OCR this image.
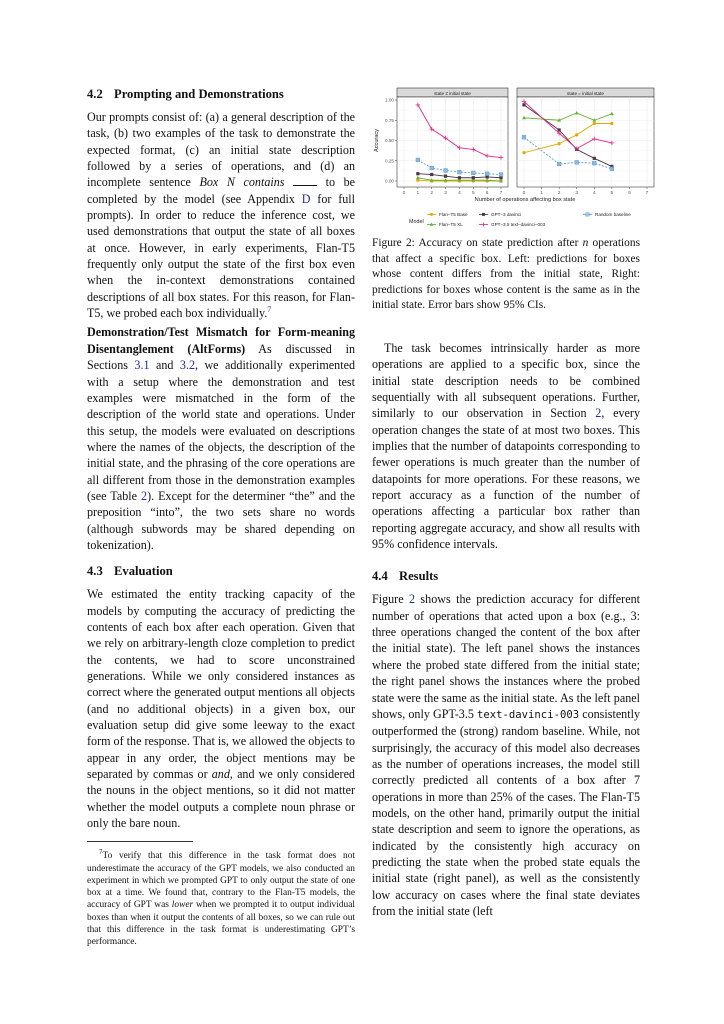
state ≠ initial state
0 1 2 3 4 5 6 7
state = initial state
0	1	2	3	4	5	6	7
0.00
0.25
0.50
0.75
1.00
Accuracy
Number of operations affecting box state
Model
Flan–T5 Base	GPT–3 davinci	Random baseline
Flan–T5 XL	GPT–3.5 text–davinci–003
4.2 Prompting and Demonstrations

Our prompts consist of: (a) a general description of the task, (b) two examples of the task to demonstrate the expected format, (c) an initial state description followed by a series of operations, and (d) an incomplete sentence Box N contains	to be completed by the model (see Appendix D for full prompts). In order to reduce the inference cost, we used demonstrations that output the state of all boxes at once. However, in early experiments, Flan-T5 frequently only output the state of the first box even when the in-context demonstrations contained descriptions of all box states. For this reason, for Flan-T5, we probed each box individually.$^7$

Demonstration/Test Mismatch for Form-meaning Disentanglement (AltForms) As discussed in Sections 3.1 and 3.2, we additionally experimented with a setup where the demonstration and test examples were mismatched in the form of the description of the world state and operations. Under this setup, the models were evaluated on descriptions where the names of the objects, the description of the initial state, and the phrasing of the core operations are all different from those in the demonstration examples (see Table 2). Except for the determiner “the” and the preposition “into”, the two sets share no words (although subwords may be shared depending on tokenization).

4.3 Evaluation

We estimated the entity tracking capacity of the models by computing the accuracy of predicting the contents of each box after each operation. Given that we rely on arbitrary-length cloze completion to predict the contents, we had to score unconstrained generations. While we only considered instances as correct where the generated output mentions all objects (and no additional objects) in a given box, our evaluation setup did give some leeway to the exact form of the response. That is, we allowed the objects to appear in any order, the object mentions may be separated by commas or and, and we only considered the nouns in the object mentions, so it did not matter whether the model outputs a complete noun phrase or only the bare noun.

$^7$To verify that this difference in the task format does not underestimate the accuracy of the GPT models, we also conducted an experiment in which we prompted GPT to only output the state of one box at a time. We found that, contrary to the Flan-T5 models, the accuracy of GPT was lower when we prompted it to output individual boxes than when it output the contents of all boxes, so we can rule out that this difference in the task format is underestimating GPT’s performance.

Figure 2: Accuracy on state prediction after n operations that affect a specific box. Left: predictions for boxes whose content differs from the initial state, Right: predictions for boxes whose content is the same as in the initial state. Error bars show 95% CIs.

The task becomes intrinsically harder as more operations are applied to a specific box, since the initial state description needs to be combined sequentially with all subsequent operations. Further, similarly to our observation in Section 2, every operation changes the state of at most two boxes. This implies that the number of datapoints corresponding to fewer operations is much greater than the number of datapoints for more operations. For these reasons, we report accuracy as a function of the number of operations affecting a particular box rather than reporting aggregate accuracy, and show all results with 95% confidence intervals.

4.4 Results

Figure 2 shows the prediction accuracy for different number of operations that acted upon a box (e.g., 3: three operations changed the content of the box after the initial state). The left panel shows the instances where the probed state differed from the initial state; the right panel shows the instances where the probed state were the same as the initial state. As the left panel shows, only GPT-3.5 text-davinci-003 consistently outperformed the (strong) random baseline. While, not surprisingly, the accuracy of this model also decreases as the number of operations increases, the model still correctly predicted all contents of a box after 7 operations in more than 25% of the cases. The Flan-T5 models, on the other hand, primarily output the initial state description and seem to ignore the operations, as indicated by the consistently high accuracy on predicting the state when the probed state equals the initial state (right panel), as well as the consistently low accuracy on cases where the final state deviates from the initial state (left
